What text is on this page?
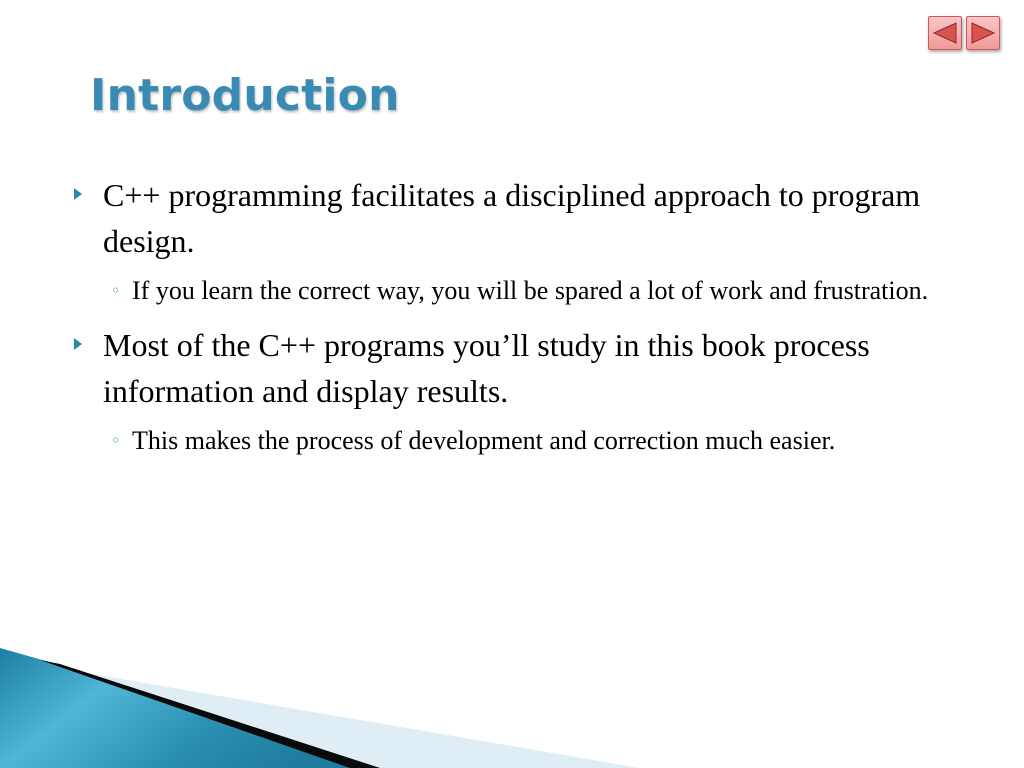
Introduction
C++ programming facilitates a disciplined approach to program design.
◦ If you learn the correct way, you will be spared a lot of work and frustration.
Most of the C++ programs you’ll study in this book process information and display results.
◦ This makes the process of development and correction much easier.
